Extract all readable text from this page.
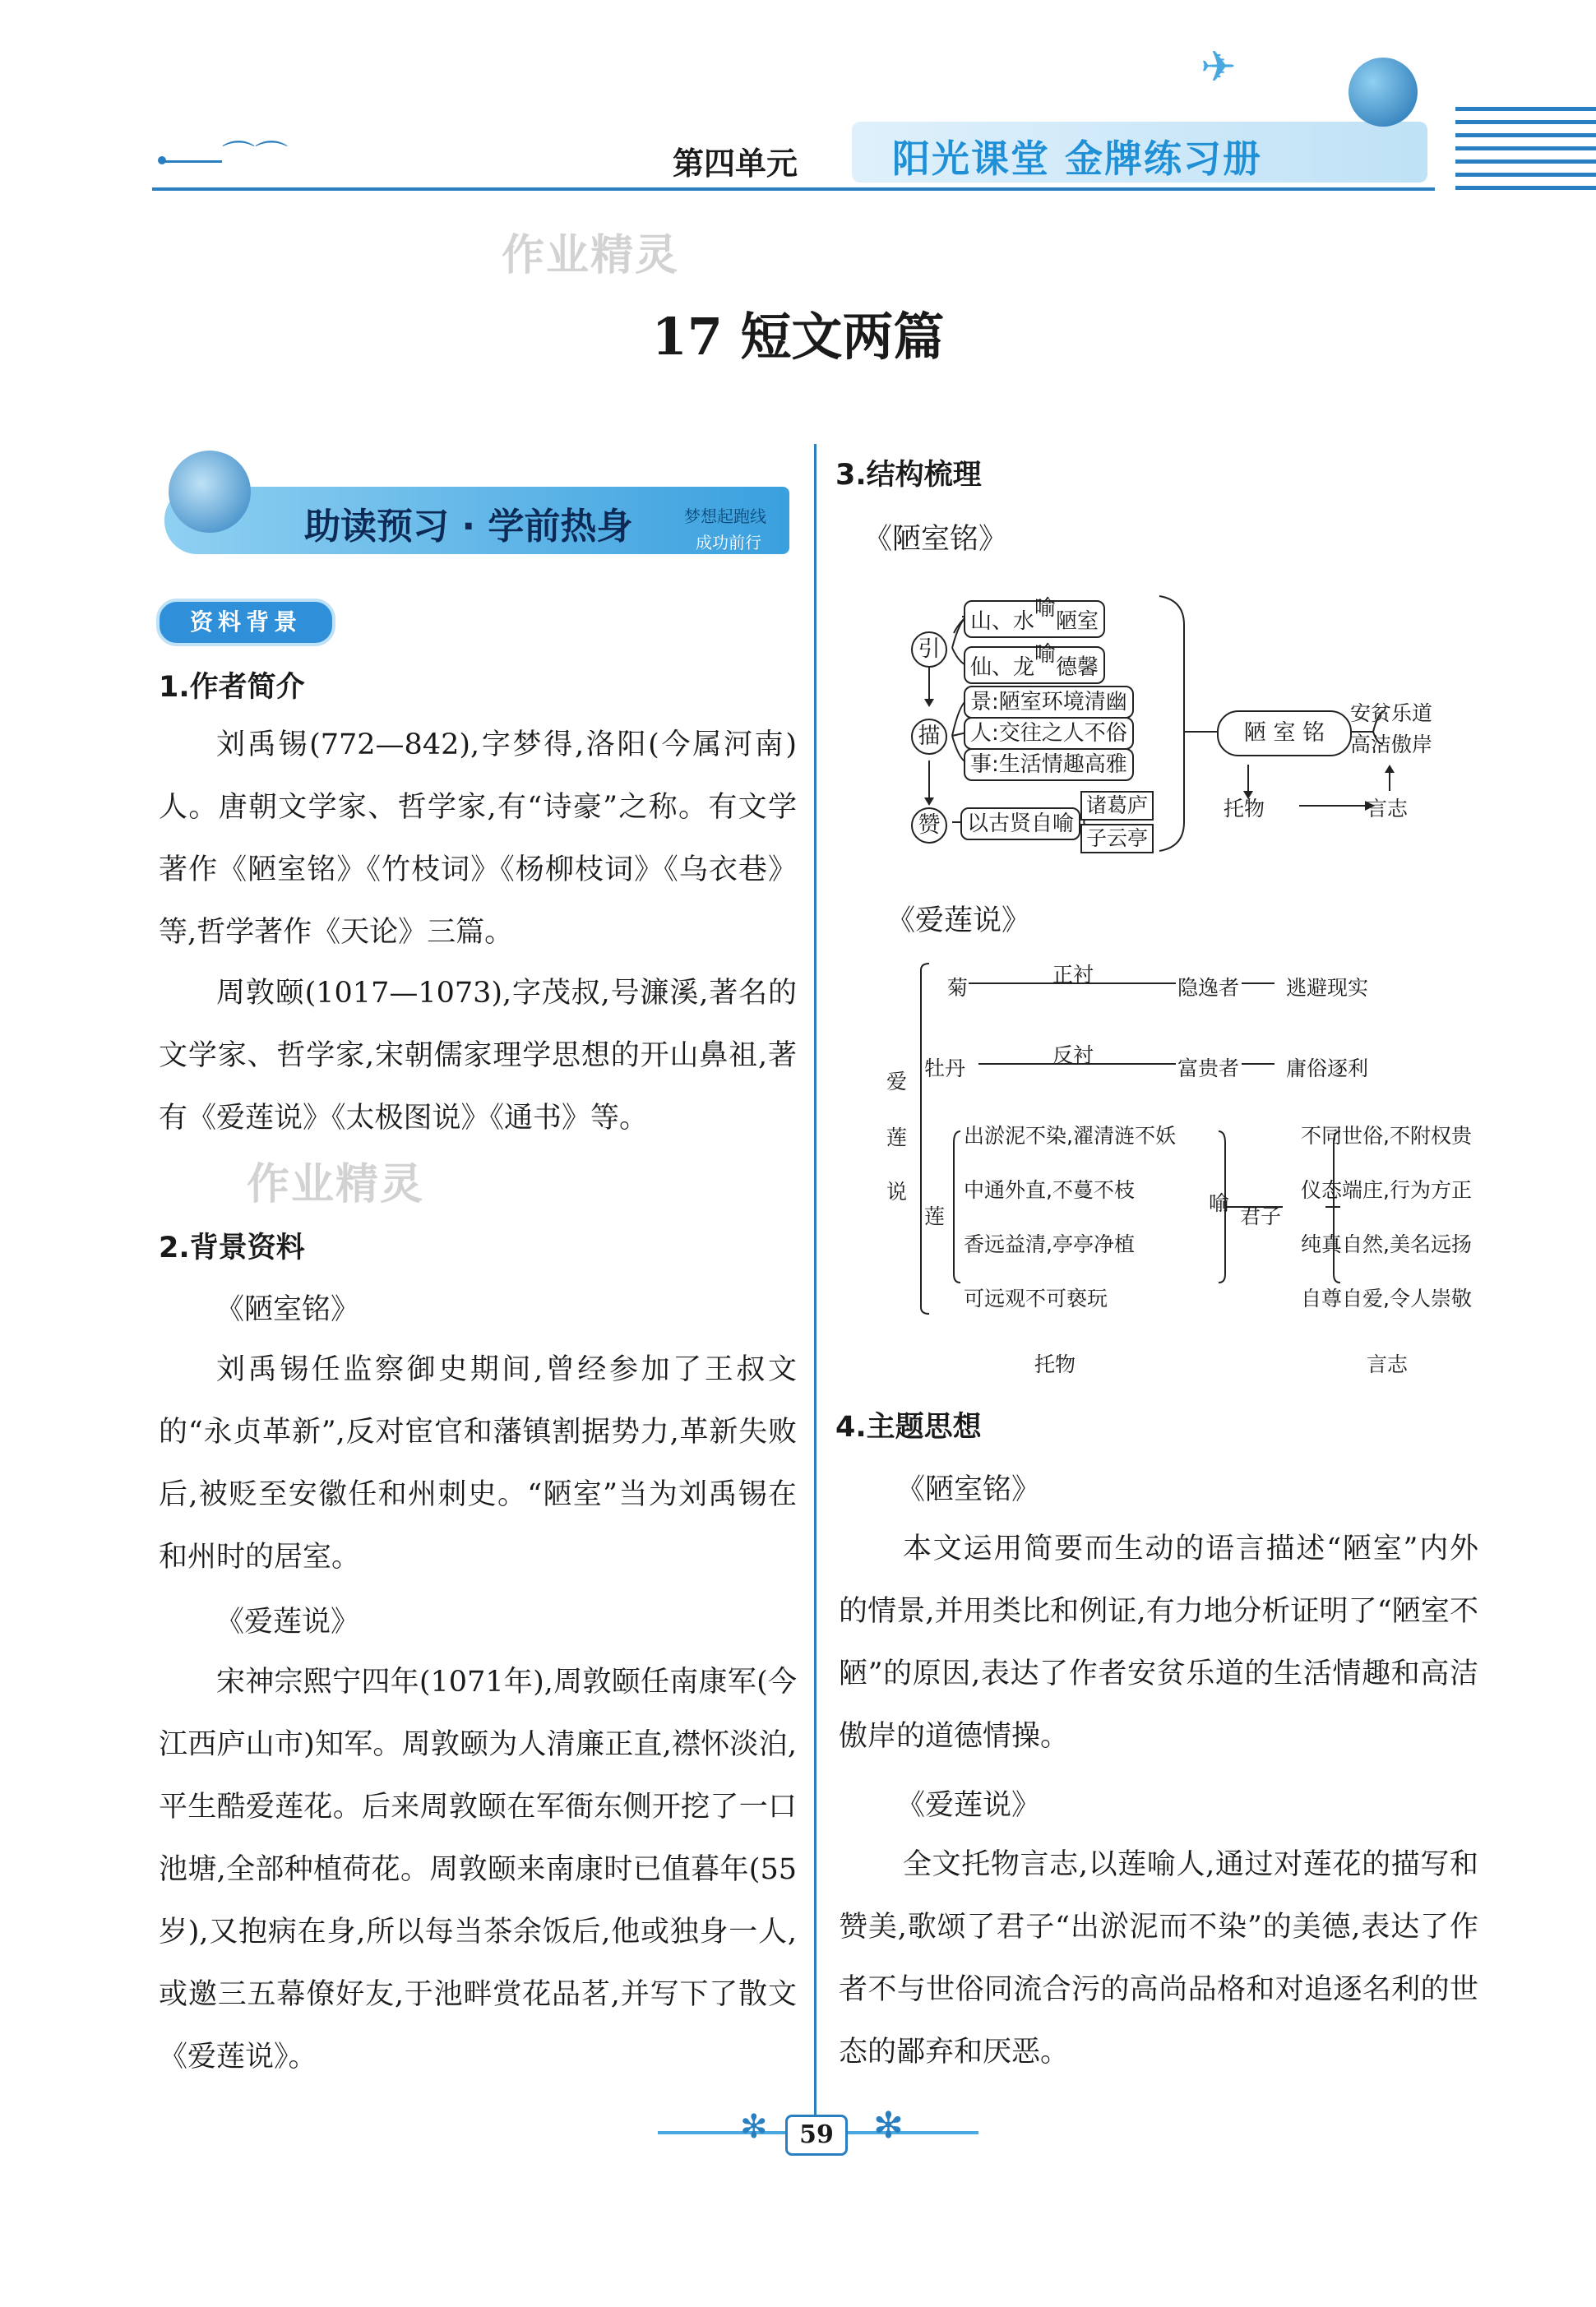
⌒⌒	第四单元 阳光课堂 金牌练习册
✈
作业精灵
17 短文两篇
助读预习 · 学前热身	梦想起跑线
成功前行
资料背景
1.作者简介
刘禹锡(772—842),字梦得,洛阳(今属河南)人。唐朝文学家、哲学家,有“诗豪”之称。有文学著作《陋室铭》《竹枝词》《杨柳枝词》《乌衣巷》等,哲学著作《天论》三篇。
周敦颐(1017—1073),字茂叔,号濂溪,著名的文学家、哲学家,宋朝儒家理学思想的开山鼻祖,著有《爱莲说》《太极图说》《通书》等。
作业精灵
2.背景资料
《陋室铭》
刘禹锡任监察御史期间,曾经参加了王叔文的“永贞革新”,反对宦官和藩镇割据势力,革新失败后,被贬至安徽任和州刺史。“陋室”当为刘禹锡在和州时的居室。
《爱莲说》
宋神宗熙宁四年(1071年),周敦颐任南康军(今江西庐山市)知军。周敦颐为人清廉正直,襟怀淡泊,平生酷爱莲花。后来周敦颐在军衙东侧开挖了一口池塘,全部种植荷花。周敦颐来南康时已值暮年(55岁),又抱病在身,所以每当茶余饭后,他或独身一人,或邀三五幕僚好友,于池畔赏花品茗,并写下了散文《爱莲说》。
3.结构梳理
《陋室铭》
引
描
赞
山、水喻陋室
仙、龙喻德馨
景:陋室环境清幽
人:交往之人不俗
事:生活情趣高雅
以古贤自喻
诸葛庐
子云亭
陋 室 铭
安贫乐道
高洁傲岸
托物	言志
《爱莲说》
爱
莲
说
菊
正衬
隐逸者 逃避现实
牡丹
反衬
富贵者 庸俗逐利
莲
出淤泥不染,濯清涟不妖
中通外直,不蔓不枝
香远益清,亭亭净植
可远观不可亵玩
喻
君子
不同世俗,不附权贵
仪态端庄,行为方正
纯真自然,美名远扬
自尊自爱,令人崇敬
托物	言志
4.主题思想
《陋室铭》
本文运用简要而生动的语言描述“陋室”内外的情景,并用类比和例证,有力地分析证明了“陋室不陋”的原因,表达了作者安贫乐道的生活情趣和高洁傲岸的道德情操。
《爱莲说》
全文托物言志,以莲喻人,通过对莲花的描写和赞美,歌颂了君子“出淤泥而不染”的美德,表达了作者不与世俗同流合污的高尚品格和对追逐名利的世态的鄙弃和厌恶。
✻	✻
59
